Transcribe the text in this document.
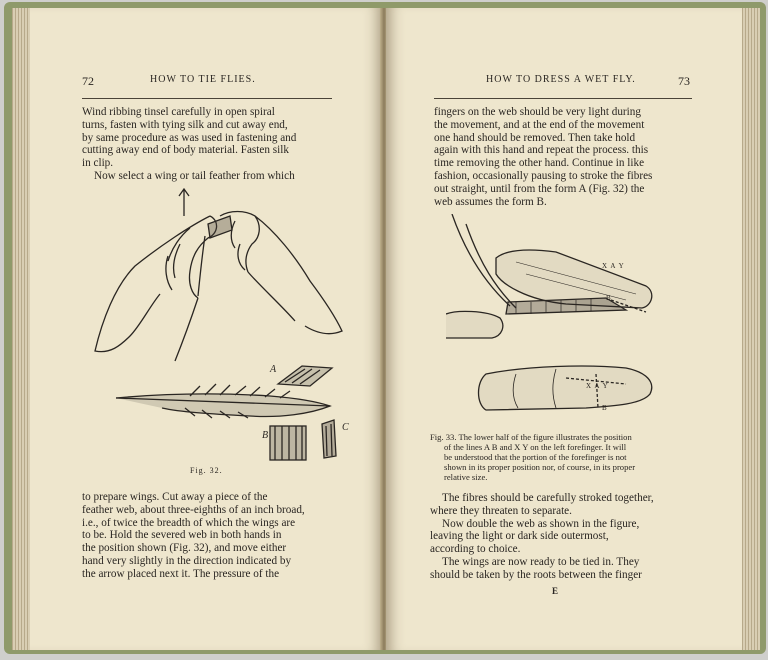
72	HOW TO TIE FLIES.
Wind ribbing tinsel carefully in open spiral
turns, fasten with tying silk and cut away end,
by same procedure as was used in fastening and
cutting away end of body material. Fasten silk
in clip.
Now select a wing or tail feather from which
A
B
C
Fig. 32.
to prepare wings. Cut away a piece of the
feather web, about three-eighths of an inch broad,
i.e., of twice the breadth of which the wings are
to be. Hold the severed web in both hands in
the position shown (Fig. 32), and move either
hand very slightly in the direction indicated by
the arrow placed next it. The pressure of the
HOW TO DRESS A WET FLY.	73
fingers on the web should be very light during
the movement, and at the end of the movement
one hand should be removed. Then take hold
again with this hand and repeat the process. this
time removing the other hand. Continue in like
fashion, occasionally pausing to stroke the fibres
out straight, until from the form A (Fig. 32) the
web assumes the form B.
X A Y
B
X A Y
B
Fig. 33. The lower half of the figure illustrates the position
of the lines A B and X Y on the left forefinger. It will
be understood that the portion of the forefinger is not
shown in its proper position nor, of course, in its proper
relative size.
The fibres should be carefully stroked together,
where they threaten to separate.
Now double the web as shown in the figure,
leaving the light or dark side outermost,
according to choice.
The wings are now ready to be tied in. They
should be taken by the roots between the finger
E
